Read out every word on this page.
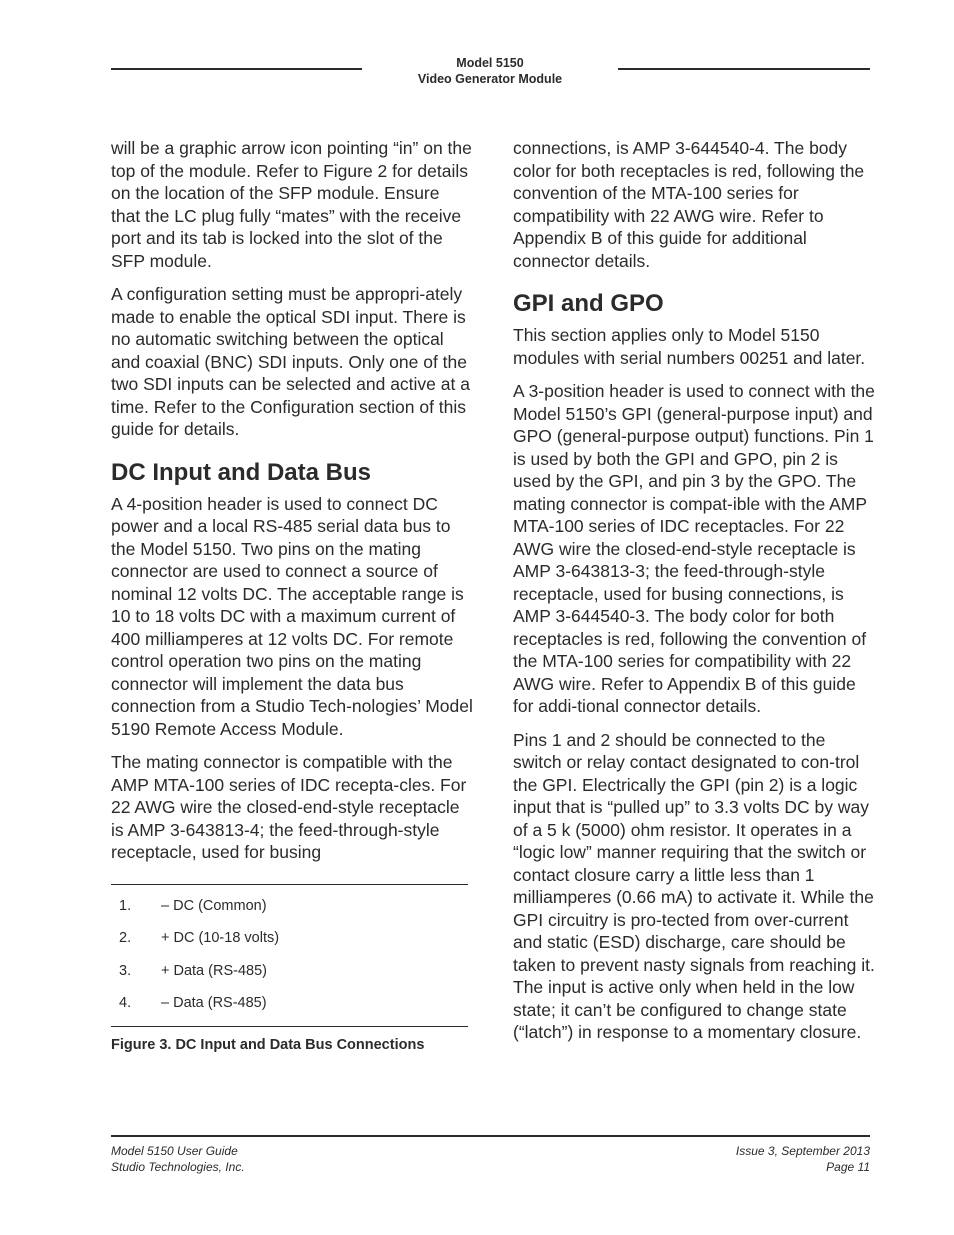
Model 5150
Video Generator Module

will be a graphic arrow icon pointing “in” on the top of the module. Refer to Figure 2 for details on the location of the SFP module. Ensure that the LC plug fully “mates” with the receive port and its tab is locked into the slot of the SFP module.

A configuration setting must be appropri-ately made to enable the optical SDI input. There is no automatic switching between the optical and coaxial (BNC) SDI inputs. Only one of the two SDI inputs can be selected and active at a time. Refer to the Configuration section of this guide for details.

DC Input and Data Bus

A 4-position header is used to connect DC power and a local RS-485 serial data bus to the Model 5150. Two pins on the mating connector are used to connect a source of nominal 12 volts DC. The acceptable range is 10 to 18 volts DC with a maximum current of 400 milliamperes at 12 volts DC. For remote control operation two pins on the mating connector will implement the data bus connection from a Studio Tech-nologies’ Model 5190 Remote Access Module.

The mating connector is compatible with the AMP MTA-100 series of IDC recepta-cles. For 22 AWG wire the closed-end-style receptacle is AMP 3-643813-4; the feed-through-style receptacle, used for busing

1.	– DC (Common)
2.	+ DC (10-18 volts)
3.	+ Data (RS-485)
4.	– Data (RS-485)
Figure 3. DC Input and Data Bus Connections

connections, is AMP 3-644540-4. The body color for both receptacles is red, following the convention of the MTA-100 series for compatibility with 22 AWG wire. Refer to Appendix B of this guide for additional connector details.

GPI and GPO

This section applies only to Model 5150 modules with serial numbers 00251 and later.

A 3-position header is used to connect with the Model 5150’s GPI (general-purpose input) and GPO (general-purpose output) functions. Pin 1 is used by both the GPI and GPO, pin 2 is used by the GPI, and pin 3 by the GPO. The mating connector is compat-ible with the AMP MTA-100 series of IDC receptacles. For 22 AWG wire the closed-end-style receptacle is AMP 3-643813-3; the feed-through-style receptacle, used for busing connections, is AMP 3-644540-3. The body color for both receptacles is red, following the convention of the MTA-100 series for compatibility with 22 AWG wire. Refer to Appendix B of this guide for addi-tional connector details.

Pins 1 and 2 should be connected to the switch or relay contact designated to con-trol the GPI. Electrically the GPI (pin 2) is a logic input that is “pulled up” to 3.3 volts DC by way of a 5 k (5000) ohm resistor. It operates in a “logic low” manner requiring that the switch or contact closure carry a little less than 1 milliamperes (0.66 mA) to activate it. While the GPI circuitry is pro-tected from over-current and static (ESD) discharge, care should be taken to prevent nasty signals from reaching it. The input is active only when held in the low state; it can’t be configured to change state (“latch”) in response to a momentary closure.

Model 5150 User Guide
Studio Technologies, Inc.
Issue 3, September 2013
Page 11
